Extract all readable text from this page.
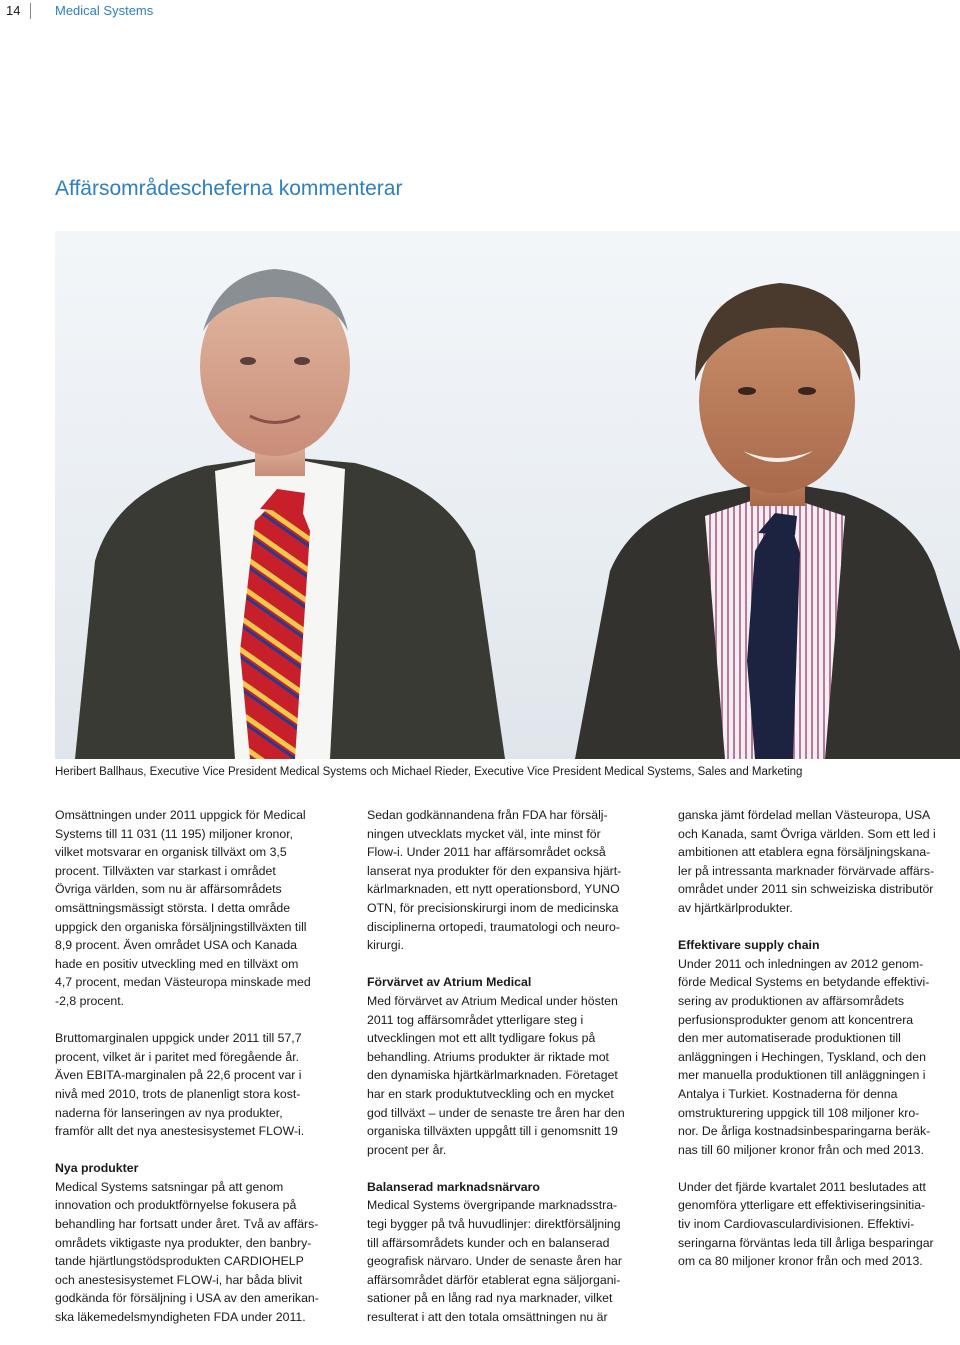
14	Medical Systems
Affärsområdescheferna kommenterar
Heribert Ballhaus, Executive Vice President Medical Systems och Michael Rieder, Executive Vice President Medical Systems, Sales and Marketing

Omsättningen under 2011 uppgick för Medical
Systems till 11 031 (11 195) miljoner kronor,
vilket motsvarar en organisk tillväxt om 3,5
procent. Tillväxten var starkast i området
Övriga världen, som nu är affärsområdets
omsättningsmässigt största. I detta område
uppgick den organiska försäljningstillväxten till
8,9 procent. Även området USA och Kanada
hade en positiv utveckling med en tillväxt om
4,7 procent, medan Västeuropa minskade med
-2,8 procent.

Bruttomarginalen uppgick under 2011 till 57,7
procent, vilket är i paritet med föregående år.
Även EBITA-marginalen på 22,6 procent var i
nivå med 2010, trots de planenligt stora kost-
naderna för lanseringen av nya produkter,
framför allt det nya anestesisystemet FLOW-i.

Nya produkter

Medical Systems satsningar på att genom
innovation och produktförnyelse fokusera på
behandling har fortsatt under året. Två av affärs-
områdets viktigaste nya produkter, den banbry-
tande hjärtlungstödsprodukten CARDIOHELP
och anestesisystemet FLOW-i, har båda blivit
godkända för försäljning i USA av den amerikan-
ska läkemedelsmyndigheten FDA under 2011.

Sedan godkännandena från FDA har försälj-
ningen utvecklats mycket väl, inte minst för
Flow-i. Under 2011 har affärsområdet också
lanserat nya produkter för den expansiva hjärt-
kärlmarknaden, ett nytt operationsbord, YUNO
OTN, för precisionskirurgi inom de medicinska
disciplinerna ortopedi, traumatologi och neuro-
kirurgi.

Förvärvet av Atrium Medical

Med förvärvet av Atrium Medical under hösten
2011 tog affärsområdet ytterligare steg i
utvecklingen mot ett allt tydligare fokus på
behandling. Atriums produkter är riktade mot
den dynamiska hjärtkärlmarknaden. Företaget
har en stark produktutveckling och en mycket
god tillväxt – under de senaste tre åren har den
organiska tillväxten uppgått till i genomsnitt 19
procent per år.

Balanserad marknadsnärvaro

Medical Systems övergripande marknadsstra-
tegi bygger på två huvudlinjer: direktförsäljning
till affärsområdets kunder och en balanserad
geografisk närvaro. Under de senaste åren har
affärsområdet därför etablerat egna säljorgani-
sationer på en lång rad nya marknader, vilket
resulterat i att den totala omsättningen nu är

ganska jämt fördelad mellan Västeuropa, USA
och Kanada, samt Övriga världen. Som ett led i
ambitionen att etablera egna försäljningskana-
ler på intressanta marknader förvärvade affärs-
området under 2011 sin schweiziska distributör
av hjärtkärlprodukter.

Effektivare supply chain

Under 2011 och inledningen av 2012 genom-
förde Medical Systems en betydande effektivi-
sering av produktionen av affärsområdets
perfusionsprodukter genom att koncentrera
den mer automatiserade produktionen till
anläggningen i Hechingen, Tyskland, och den
mer manuella produktionen till anläggningen i
Antalya i Turkiet. Kostnaderna för denna
omstrukturering uppgick till 108 miljoner kro-
nor. De årliga kostnadsinbesparingarna beräk-
nas till 60 miljoner kronor från och med 2013.

Under det fjärde kvartalet 2011 beslutades att
genomföra ytterligare ett effektiviseringsinitia-
tiv inom Cardiovasculardivisionen. Effektivi-
seringarna förväntas leda till årliga besparingar
om ca 80 miljoner kronor från och med 2013.
